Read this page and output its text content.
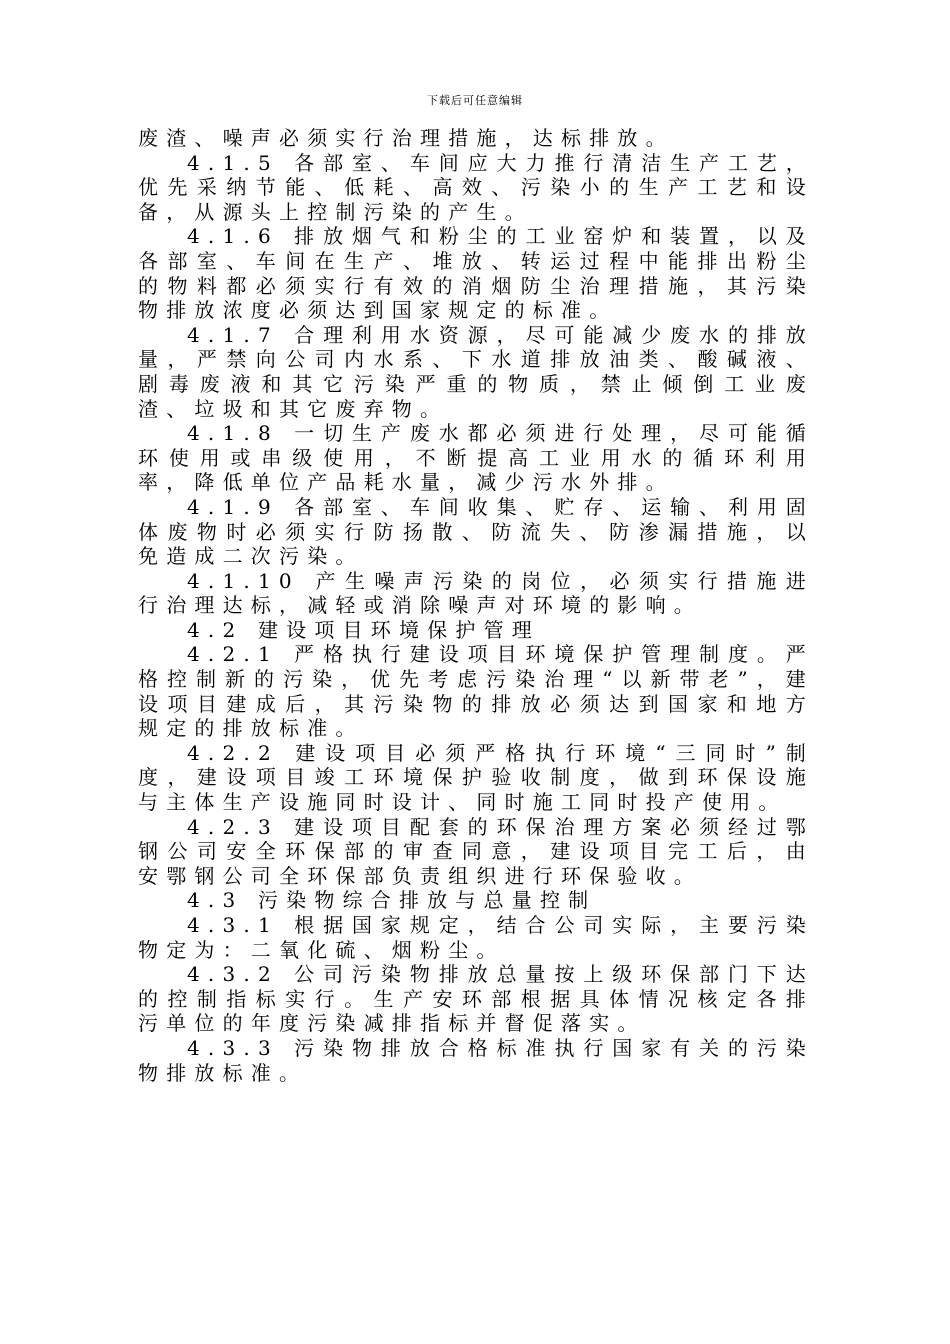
下载后可任意编辑

废渣、噪声必须实行治理措施，达标排放。

4.1.5 各部室、车间应大力推行清洁生产工艺，优先采纳节能、低耗、高效、污染小的生产工艺和设备，从源头上控制污染的产生。

4.1.6 排放烟气和粉尘的工业窑炉和装置，以及各部室、车间在生产、堆放、转运过程中能排出粉尘的物料都必须实行有效的消烟防尘治理措施，其污染物排放浓度必须达到国家规定的标准。

4.1.7 合理利用水资源，尽可能减少废水的排放量，严禁向公司内水系、下水道排放油类、酸碱液、剧毒废液和其它污染严重的物质，禁止倾倒工业废渣、垃圾和其它废弃物。

4.1.8 一切生产废水都必须进行处理，尽可能循环使用或串级使用，不断提高工业用水的循环利用率，降低单位产品耗水量，减少污水外排。

4.1.9 各部室、车间收集、贮存、运输、利用固体废物时必须实行防扬散、防流失、防渗漏措施，以免造成二次污染。

4.1.10 产生噪声污染的岗位，必须实行措施进行治理达标，减轻或消除噪声对环境的影响。

4.2 建设项目环境保护管理

4.2.1 严格执行建设项目环境保护管理制度。严格控制新的污染，优先考虑污染治理“以新带老”，建设项目建成后，其污染物的排放必须达到国家和地方规定的排放标准。

4.2.2 建设项目必须严格执行环境“三同时”制度，建设项目竣工环境保护验收制度，做到环保设施与主体生产设施同时设计、同时施工同时投产使用。

4.2.3 建设项目配套的环保治理方案必须经过鄂钢公司安全环保部的审查同意，建设项目完工后，由安鄂钢公司全环保部负责组织进行环保验收。

4.3 污染物综合排放与总量控制

4.3.1 根据国家规定，结合公司实际，主要污染物定为：二氧化硫、烟粉尘。

4.3.2 公司污染物排放总量按上级环保部门下达的控制指标实行。生产安环部根据具体情况核定各排污单位的年度污染减排指标并督促落实。

4.3.3 污染物排放合格标准执行国家有关的污染物排放标准。
